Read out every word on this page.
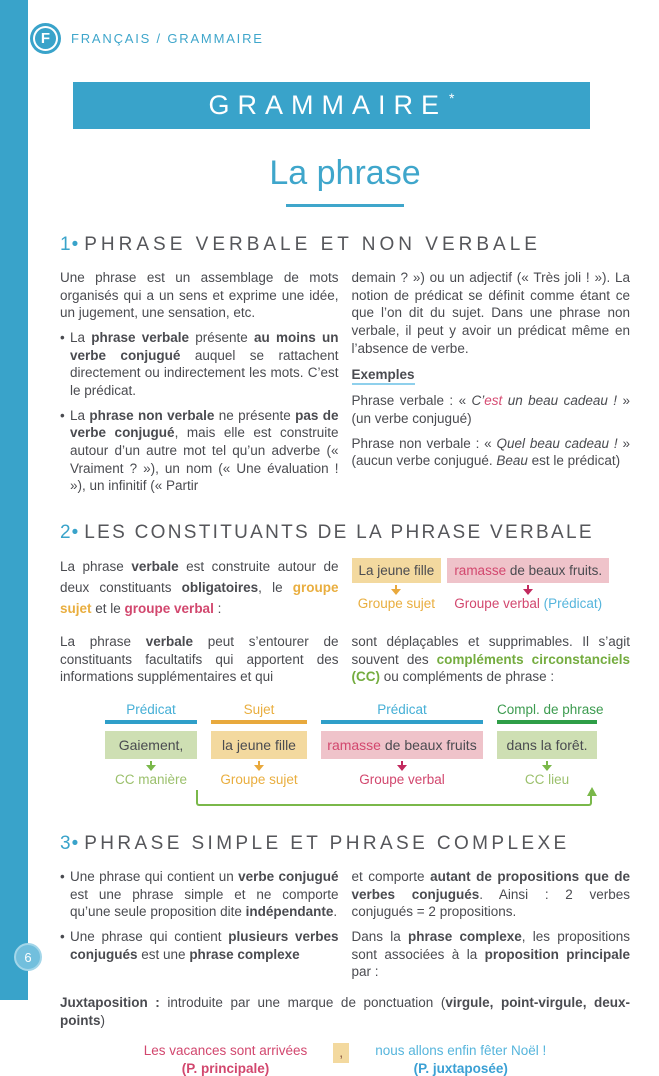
6
F FRANÇAIS / GRAMMAIRE
GRAMMAIRE*
La phrase
1• PHRASE VERBALE ET NON VERBALE

Une phrase est un assemblage de mots organisés qui a un sens et exprime une idée, un jugement, une sensation, etc.

• La phrase verbale présente au moins un verbe conjugué auquel se rattachent directement ou indirectement les mots. C’est le prédicat.

• La phrase non verbale ne présente pas de verbe conjugué, mais elle est construite autour d’un autre mot tel qu’un adverbe (« Vraiment ? »), un nom (« Une évaluation ! »), un infinitif (« Partir

demain ? ») ou un adjectif (« Très joli ! »). La notion de prédicat se définit comme étant ce que l’on dit du sujet. Dans une phrase non verbale, il peut y avoir un prédicat même en l’absence de verbe.

Exemples

Phrase verbale : « C’est un beau cadeau ! » (un verbe conjugué)

Phrase non verbale : « Quel beau cadeau ! » (aucun verbe conjugué. Beau est le prédicat)

2• LES CONSTITUANTS DE LA PHRASE VERBALE

La phrase verbale est construite autour de deux constituants obligatoires, le groupe sujet et le groupe verbal :

La jeune fille
Groupe sujet
ramasse de beaux fruits.
Groupe verbal (Prédicat)

La phrase verbale peut s’entourer de constituants facultatifs qui apportent des informations supplémentaires et qui

sont déplaçables et supprimables. Il s’agit souvent des compléments circonstanciels (CC) ou compléments de phrase :

Prédicat
Gaiement,
CC manière
Sujet
la jeune fille
Groupe sujet
Prédicat
ramasse de beaux fruits
Groupe verbal
Compl. de phrase
dans la forêt.
CC lieu
3• PHRASE SIMPLE ET PHRASE COMPLEXE

• Une phrase qui contient un verbe conjugué est une phrase simple et ne comporte qu’une seule proposition dite indépendante.

• Une phrase qui contient plusieurs verbes conjugués est une phrase complexe

et comporte autant de propositions que de verbes conjugués. Ainsi : 2 verbes conjugués = 2 propositions.

Dans la phrase complexe, les propositions sont associées à la proposition principale par :

Juxtaposition : introduite par une marque de ponctuation (virgule, point-virgule, deux-points)

Les vacances sont arrivées
(P. principale)
,	nous allons enfin fêter Noël !
(P. juxtaposée)
